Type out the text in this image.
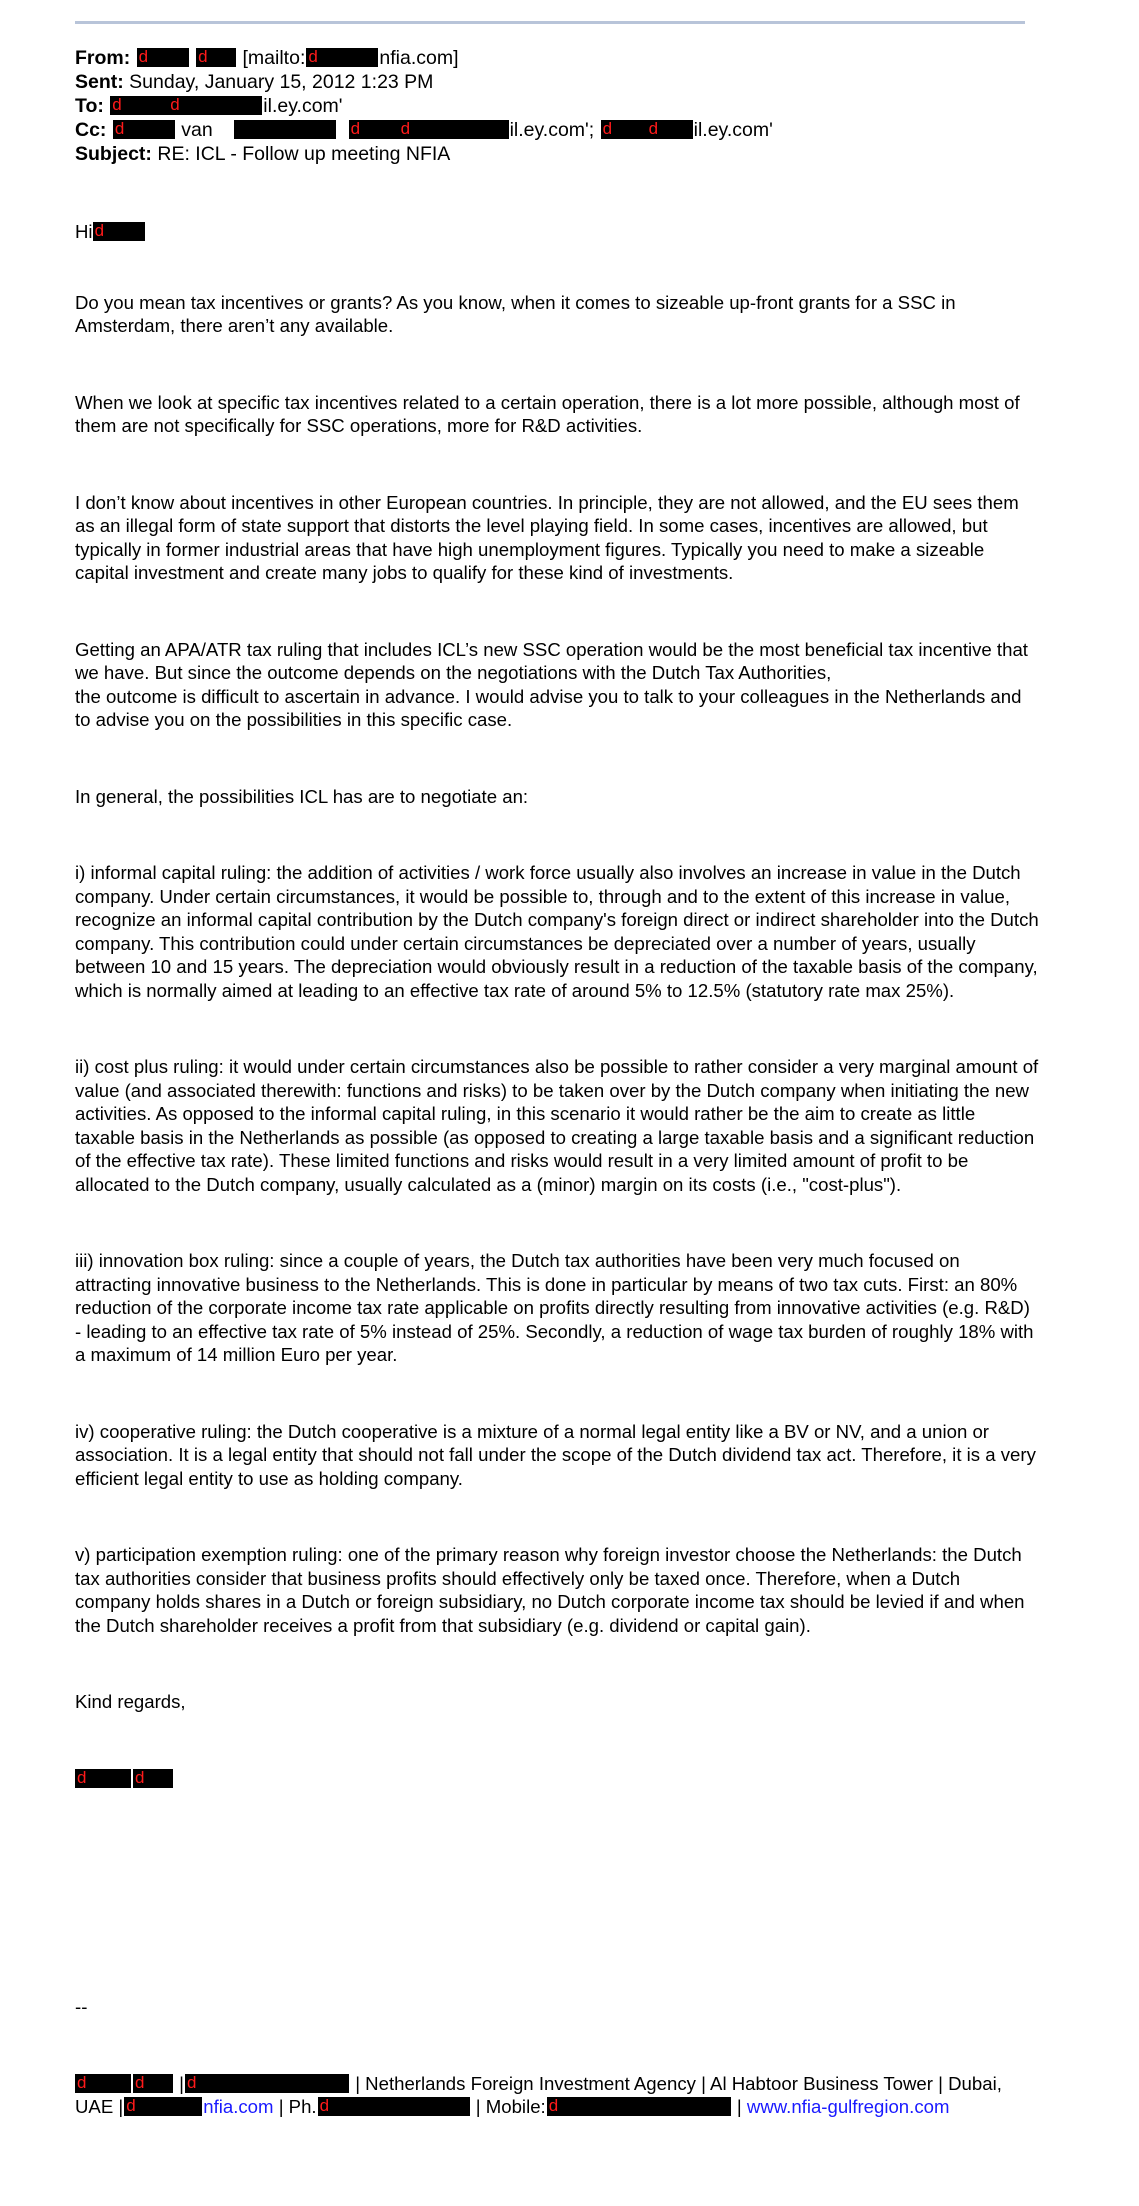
From: d
	d [mailto: d	nfia.com]
Sent: Sunday, January 15, 2012 1:23 PM
To: d	d	il.ey.com'
Cc: d	van	d d	il.ey.com'; d d il.ey.com'
Subject: RE: ICL - Follow up meeting NFIA

Hi d

Do you mean tax incentives or grants? As you know, when it comes to sizeable up-front grants for a SSC in Amsterdam, there aren’t any available.

When we look at specific tax incentives related to a certain operation, there is a lot more possible, although most of them are not specifically for SSC operations, more for R&D activities.

I don’t know about incentives in other European countries. In principle, they are not allowed, and the EU sees them as an illegal form of state support that distorts the level playing field. In some cases, incentives are allowed, but typically in former industrial areas that have high unemployment figures. Typically you need to make a sizeable capital investment and create many jobs to qualify for these kind of investments.

Getting an APA/ATR tax ruling that includes ICL’s new SSC operation would be the most beneficial tax incentive that we have. But since the outcome depends on the negotiations with the Dutch Tax Authorities,

the outcome is difficult to ascertain in advance. I would advise you to talk to your colleagues in the Netherlands and to advise you on the possibilities in this specific case.

In general, the possibilities ICL has are to negotiate an:

i) informal capital ruling: the addition of activities / work force usually also involves an increase in value in the Dutch company. Under certain circumstances, it would be possible to, through and to the extent of this increase in value, recognize an informal capital contribution by the Dutch company's foreign direct or indirect shareholder into the Dutch company. This contribution could under certain circumstances be depreciated over a number of years, usually between 10 and 15 years. The depreciation would obviously result in a reduction of the taxable basis of the company, which is normally aimed at leading to an effective tax rate of around 5% to 12.5% (statutory rate max 25%).

ii) cost plus ruling: it would under certain circumstances also be possible to rather consider a very marginal amount of value (and associated therewith: functions and risks) to be taken over by the Dutch company when initiating the new activities. As opposed to the informal capital ruling, in this scenario it would rather be the aim to create as little taxable basis in the Netherlands as possible (as opposed to creating a large taxable basis and a significant reduction of the effective tax rate). These limited functions and risks would result in a very limited amount of profit to be allocated to the Dutch company, usually calculated as a (minor) margin on its costs (i.e., "cost-plus").

iii) innovation box ruling: since a couple of years, the Dutch tax authorities have been very much focused on attracting innovative business to the Netherlands. This is done in particular by means of two tax cuts. First: an 80% reduction of the corporate income tax rate applicable on profits directly resulting from innovative activities (e.g. R&D) - leading to an effective tax rate of 5% instead of 25%. Secondly, a reduction of wage tax burden of roughly 18% with a maximum of 14 million Euro per year.

iv) cooperative ruling: the Dutch cooperative is a mixture of a normal legal entity like a BV or NV, and a union or association. It is a legal entity that should not fall under the scope of the Dutch dividend tax act. Therefore, it is a very efficient legal entity to use as holding company.

v) participation exemption ruling: one of the primary reason why foreign investor choose the Netherlands: the Dutch tax authorities consider that business profits should effectively only be taxed once. Therefore, when a Dutch company holds shares in a Dutch or foreign subsidiary, no Dutch corporate income tax should be levied if and when the Dutch shareholder receives a profit from that subsidiary (e.g. dividend or capital gain).

Kind regards,

d	d

--

d	d | d	| Netherlands Foreign Investment Agency | Al Habtoor Business Tower | Dubai, UAE | d	nfia.com | Ph. d	| Mobile: d	| www.nfia-gulfregion.com
